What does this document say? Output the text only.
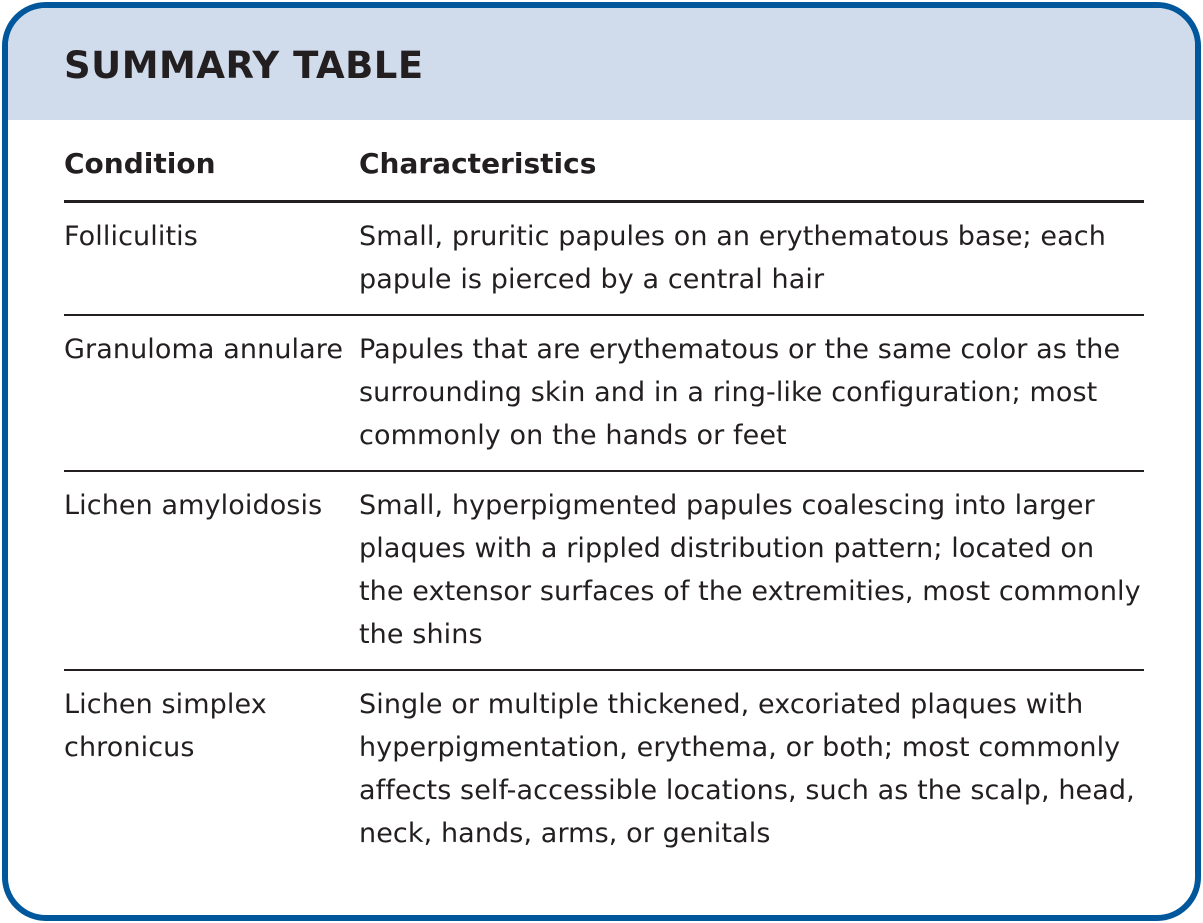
SUMMARY TABLE
Condition	Characteristics
Folliculitis	Small, pruritic papules on an erythematous base; each papule is pierced by a central hair
Granuloma annulare	Papules that are erythematous or the same color as the surrounding skin and in a ring-like configuration; most commonly on the hands or feet
Lichen amyloidosis	Small, hyperpigmented papules coalescing into larger plaques with a rippled distribution pattern; located on the extensor surfaces of the extremities, most commonly the shins
Lichen simplex chronicus	Single or multiple thickened, excoriated plaques with hyperpigmentation, erythema, or both; most commonly affects self-accessible locations, such as the scalp, head, neck, hands, arms, or genitals
